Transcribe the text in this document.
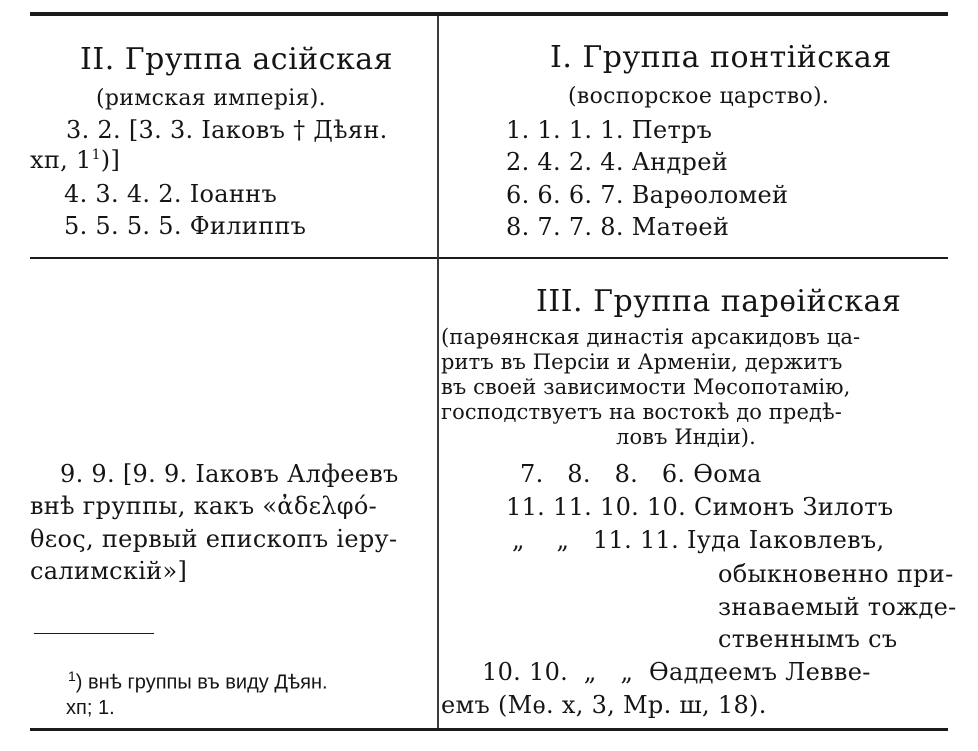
II. Группа асійская
(римская имперія).
3. 2. [3. 3. Іаковъ † Дѣян.
хп, $1^1$)]
4. 3. 4. 2. Іоаннъ
5. 5. 5. 5. Филиппъ
I. Группа понтійская
(воспорское царство).
1. 1. 1. 1. Петръ
2. 4. 2. 4. Андрей
6. 6. 6. 7. Варѳоломей
8. 7. 7. 8. Матѳей
9. 9. [9. 9. Іаковъ Алфеевъ
внѣ группы, какъ «ἀδελφό-
θεος, первый епископъ іеру-
салимскій»]
$^1$) внѣ группы въ виду Дѣян.
хп; 1.
III. Группа парѳійская
(парѳянская династія арсакидовъ ца-
ритъ въ Персіи и Арменіи, держитъ
въ своей зависимости Мѳсопотамію,
господствуетъ на востокѣ до предѣ-
ловъ Индіи).
7.   8.   8.   6. Ѳома
11. 11. 10. 10. Симонъ Зилотъ
„    „   11. 11. Іуда Іаковлевъ,
обыкновенно при-
знаваемый тожде-
ственнымъ съ
10. 10.  „   „  Ѳаддеемъ Левве-
емъ (Мѳ. х, 3, Мр. ш, 18).
